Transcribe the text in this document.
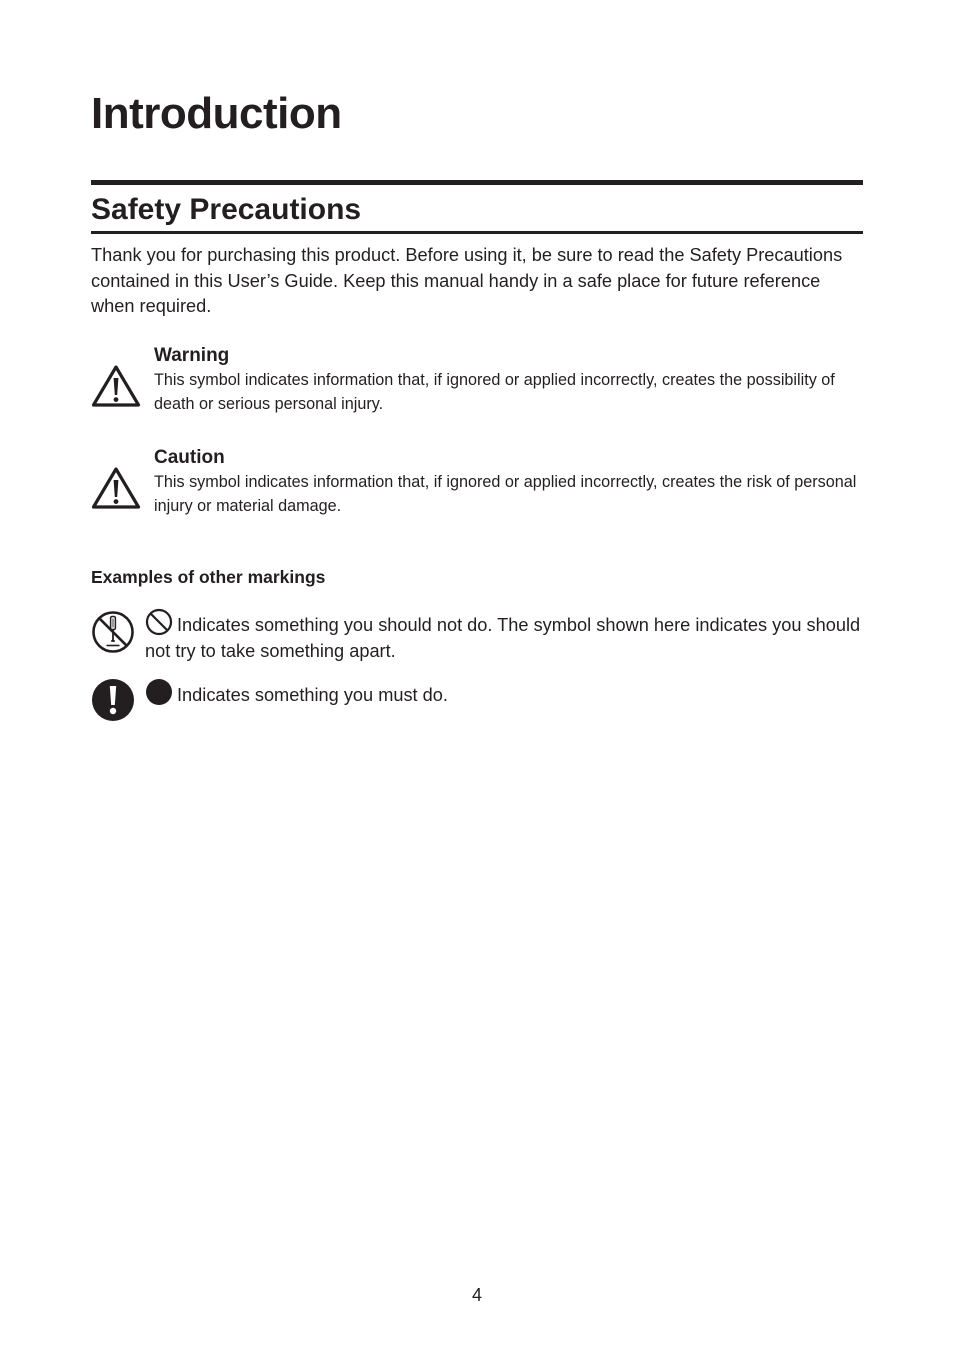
Introduction
Safety Precautions

Thank you for purchasing this product. Before using it, be sure to read the Safety Precautions contained in this User’s Guide. Keep this manual handy in a safe place for future reference when required.

Warning

This symbol indicates information that, if ignored or applied incorrectly, creates the possibility of death or serious personal injury.

Caution

This symbol indicates information that, if ignored or applied incorrectly, creates the risk of personal injury or material damage.

Examples of other markings

Indicates something you should not do. The symbol shown here indicates you should not try to take something apart.

Indicates something you must do.

4
